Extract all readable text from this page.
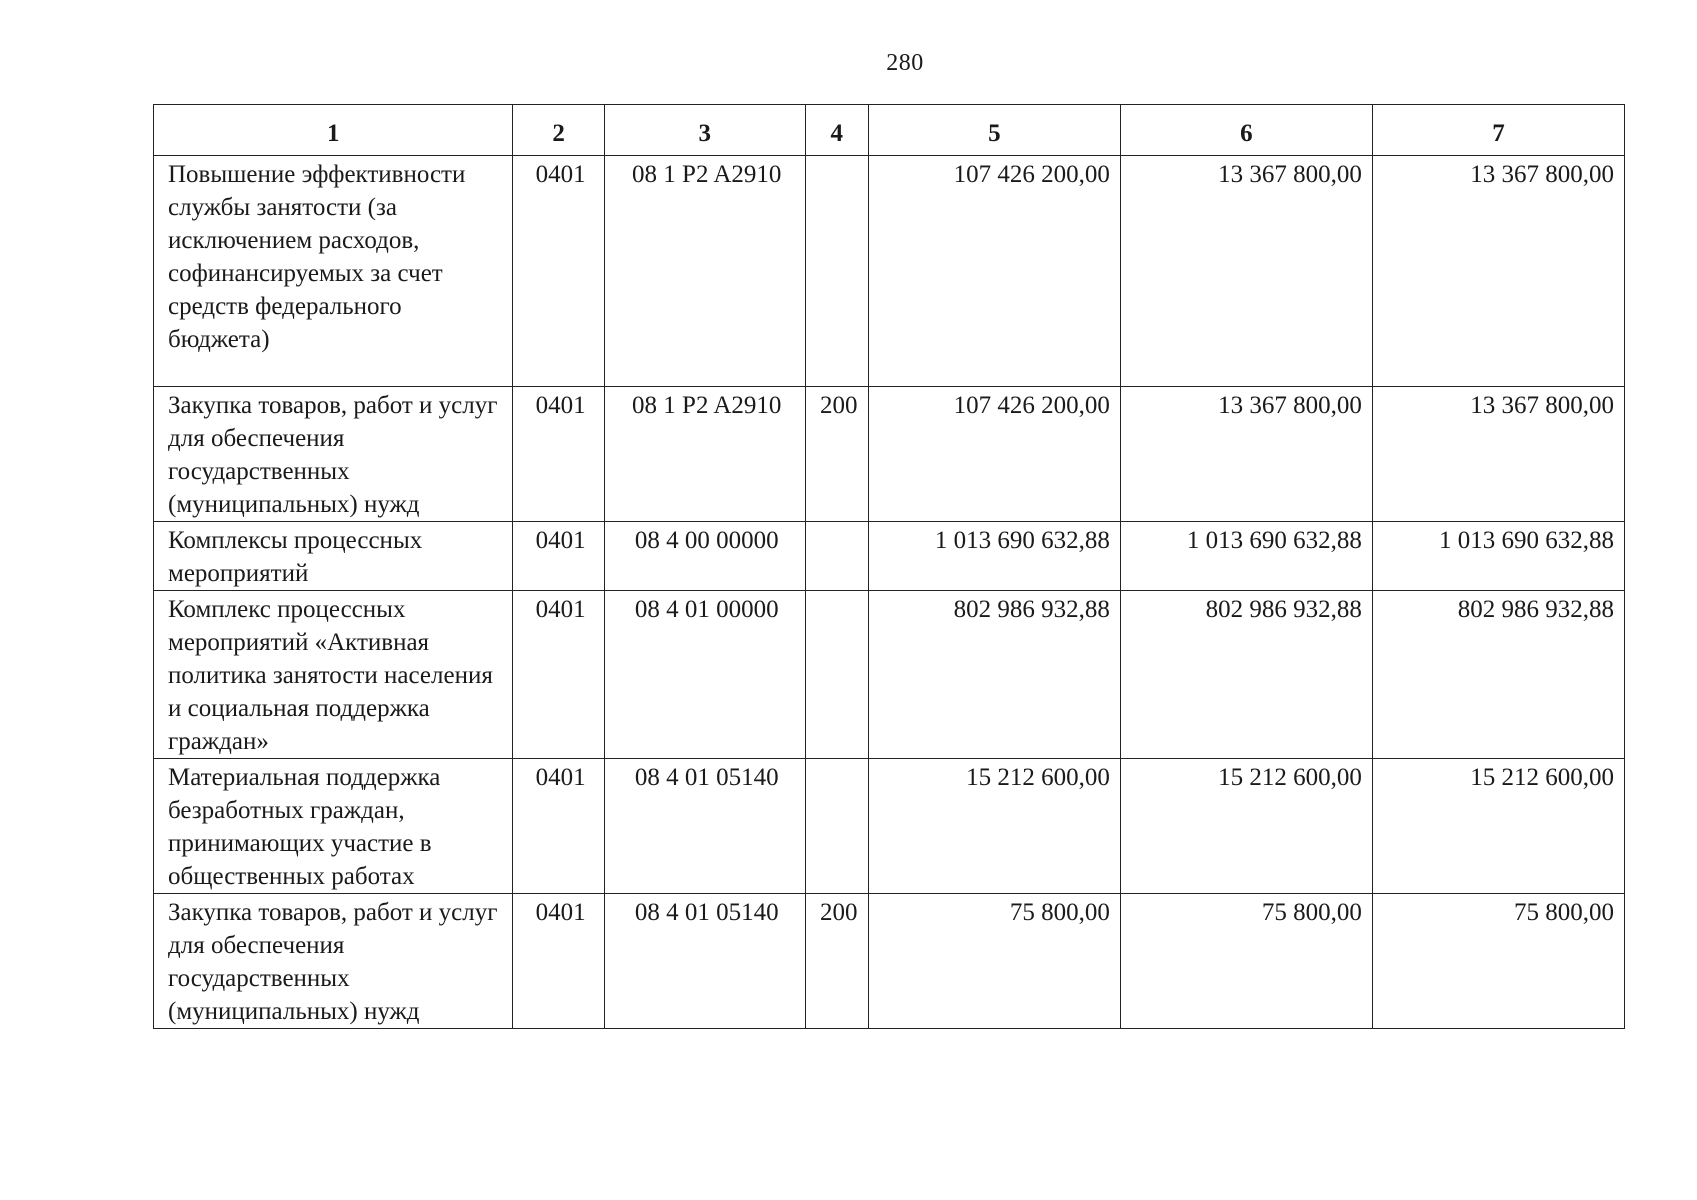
280
1	2	3	4	5	6	7
Повышение эффективности службы занятости (за исключением расходов, софинансируемых за счет средств федерального бюджета)	0401	08 1 P2 A2910		107 426 200,00	13 367 800,00	13 367 800,00
Закупка товаров, работ и услуг для обеспечения государственных (муниципальных) нужд	0401	08 1 P2 A2910	200	107 426 200,00	13 367 800,00	13 367 800,00
Комплексы процессных мероприятий	0401	08 4 00 00000		1 013 690 632,88	1 013 690 632,88	1 013 690 632,88
Комплекс процессных мероприятий «Активная политика занятости населения и социальная поддержка граждан»	0401	08 4 01 00000		802 986 932,88	802 986 932,88	802 986 932,88
Материальная поддержка безработных граждан, принимающих участие в общественных работах	0401	08 4 01 05140		15 212 600,00	15 212 600,00	15 212 600,00
Закупка товаров, работ и услуг для обеспечения государственных (муниципальных) нужд	0401	08 4 01 05140	200	75 800,00	75 800,00	75 800,00
